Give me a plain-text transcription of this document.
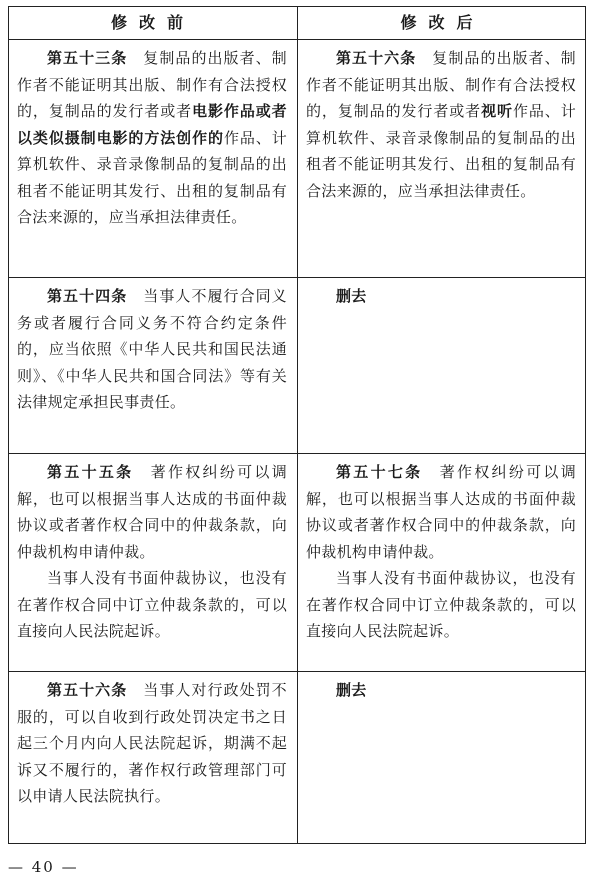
修改前	修改后

第五十三条　复制品的出版者、制作者不能证明其出版、制作有合法授权的，复制品的发行者或者电影作品或者以类似摄制电影的方法创作的作品、计算机软件、录音录像制品的复制品的出租者不能证明其发行、出租的复制品有合法来源的，应当承担法律责任。

第五十六条　复制品的出版者、制作者不能证明其出版、制作有合法授权的，复制品的发行者或者视听作品、计算机软件、录音录像制品的复制品的出租者不能证明其发行、出租的复制品有合法来源的，应当承担法律责任。

第五十四条　当事人不履行合同义务或者履行合同义务不符合约定条件的，应当依照《中华人民共和国民法通则》、《中华人民共和国合同法》等有关法律规定承担民事责任。

删去

第五十五条　著作权纠纷可以调解，也可以根据当事人达成的书面仲裁协议或者著作权合同中的仲裁条款，向仲裁机构申请仲裁。

当事人没有书面仲裁协议，也没有在著作权合同中订立仲裁条款的，可以直接向人民法院起诉。

第五十七条　著作权纠纷可以调解，也可以根据当事人达成的书面仲裁协议或者著作权合同中的仲裁条款，向仲裁机构申请仲裁。

当事人没有书面仲裁协议，也没有在著作权合同中订立仲裁条款的，可以直接向人民法院起诉。

第五十六条　当事人对行政处罚不服的，可以自收到行政处罚决定书之日起三个月内向人民法院起诉，期满不起诉又不履行的，著作权行政管理部门可以申请人民法院执行。

删去

— 40 —
